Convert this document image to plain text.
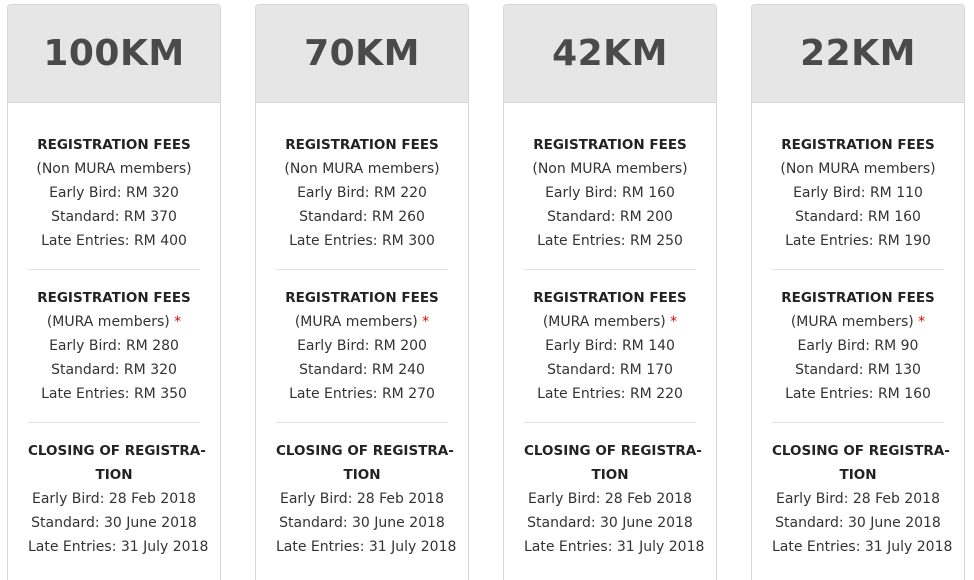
100KM
REGISTRATION FEES
(Non MURA members)
Early Bird: RM 320
Standard: RM 370
Late Entries: RM 400
REGISTRATION FEES
(MURA members) *
Early Bird: RM 280
Standard: RM 320
Late Entries: RM 350
CLOSING OF REGISTRA-
TION
Early Bird: 28 Feb 2018
Standard: 30 June 2018
Late Entries: 31 July 2018
70KM
REGISTRATION FEES
(Non MURA members)
Early Bird: RM 220
Standard: RM 260
Late Entries: RM 300
REGISTRATION FEES
(MURA members) *
Early Bird: RM 200
Standard: RM 240
Late Entries: RM 270
CLOSING OF REGISTRA-
TION
Early Bird: 28 Feb 2018
Standard: 30 June 2018
Late Entries: 31 July 2018
42KM
REGISTRATION FEES
(Non MURA members)
Early Bird: RM 160
Standard: RM 200
Late Entries: RM 250
REGISTRATION FEES
(MURA members) *
Early Bird: RM 140
Standard: RM 170
Late Entries: RM 220
CLOSING OF REGISTRA-
TION
Early Bird: 28 Feb 2018
Standard: 30 June 2018
Late Entries: 31 July 2018
22KM
REGISTRATION FEES
(Non MURA members)
Early Bird: RM 110
Standard: RM 160
Late Entries: RM 190
REGISTRATION FEES
(MURA members) *
Early Bird: RM 90
Standard: RM 130
Late Entries: RM 160
CLOSING OF REGISTRA-
TION
Early Bird: 28 Feb 2018
Standard: 30 June 2018
Late Entries: 31 July 2018
